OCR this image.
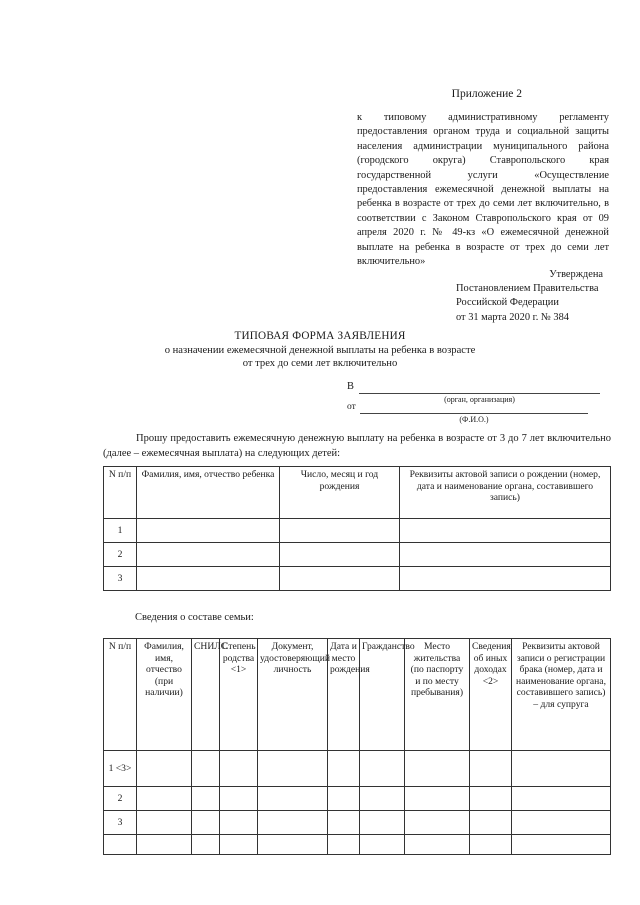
Приложение 2
к типовому административному регламенту предоставления органом труда и социальной защиты населения администрации муниципального района (городского округа) Ставропольского края государственной услуги «Осуществление предоставления ежемесячной денежной выплаты на ребенка в возрасте от трех до семи лет включительно, в соответствии с Законом Ставропольского края от 09 апреля 2020 г. № 49-кз «О ежемесячной денежной выплате на ребенка в возрасте от трех до семи лет включительно»
Утверждена
Постановлением Правительства
Российской Федерации
от 31 марта 2020 г. № 384
ТИПОВАЯ ФОРМА ЗАЯВЛЕНИЯ
о назначении ежемесячной денежной выплаты на ребенка в возрасте
от трех до семи лет включительно
В
(орган, организация)
от
(Ф.И.О.)
Прошу предоставить ежемесячную денежную выплату на ребенка в возрасте от 3 до 7 лет включительно (далее – ежемесячная выплата) на следующих детей:
N п/п	Фамилия, имя, отчество ребенка	Число, месяц и год рождения	Реквизиты актовой записи о рождении (номер, дата и наименование органа, составившего запись)
1			
2			
3			
Сведения о составе семьи:
N п/п	Фамилия, имя, отчество (при наличии)	СНИЛС	Степень родства <1>	Документ, удостоверяющий личность	Дата и место рождения	Гражданство	Место жительства (по паспорту и по месту пребывания)	Сведения об иных доходах <2>	Реквизиты актовой записи о регистрации брака (номер, дата и наименование органа, составившего запись) – для супруга
1 <3>									
2									
3									
